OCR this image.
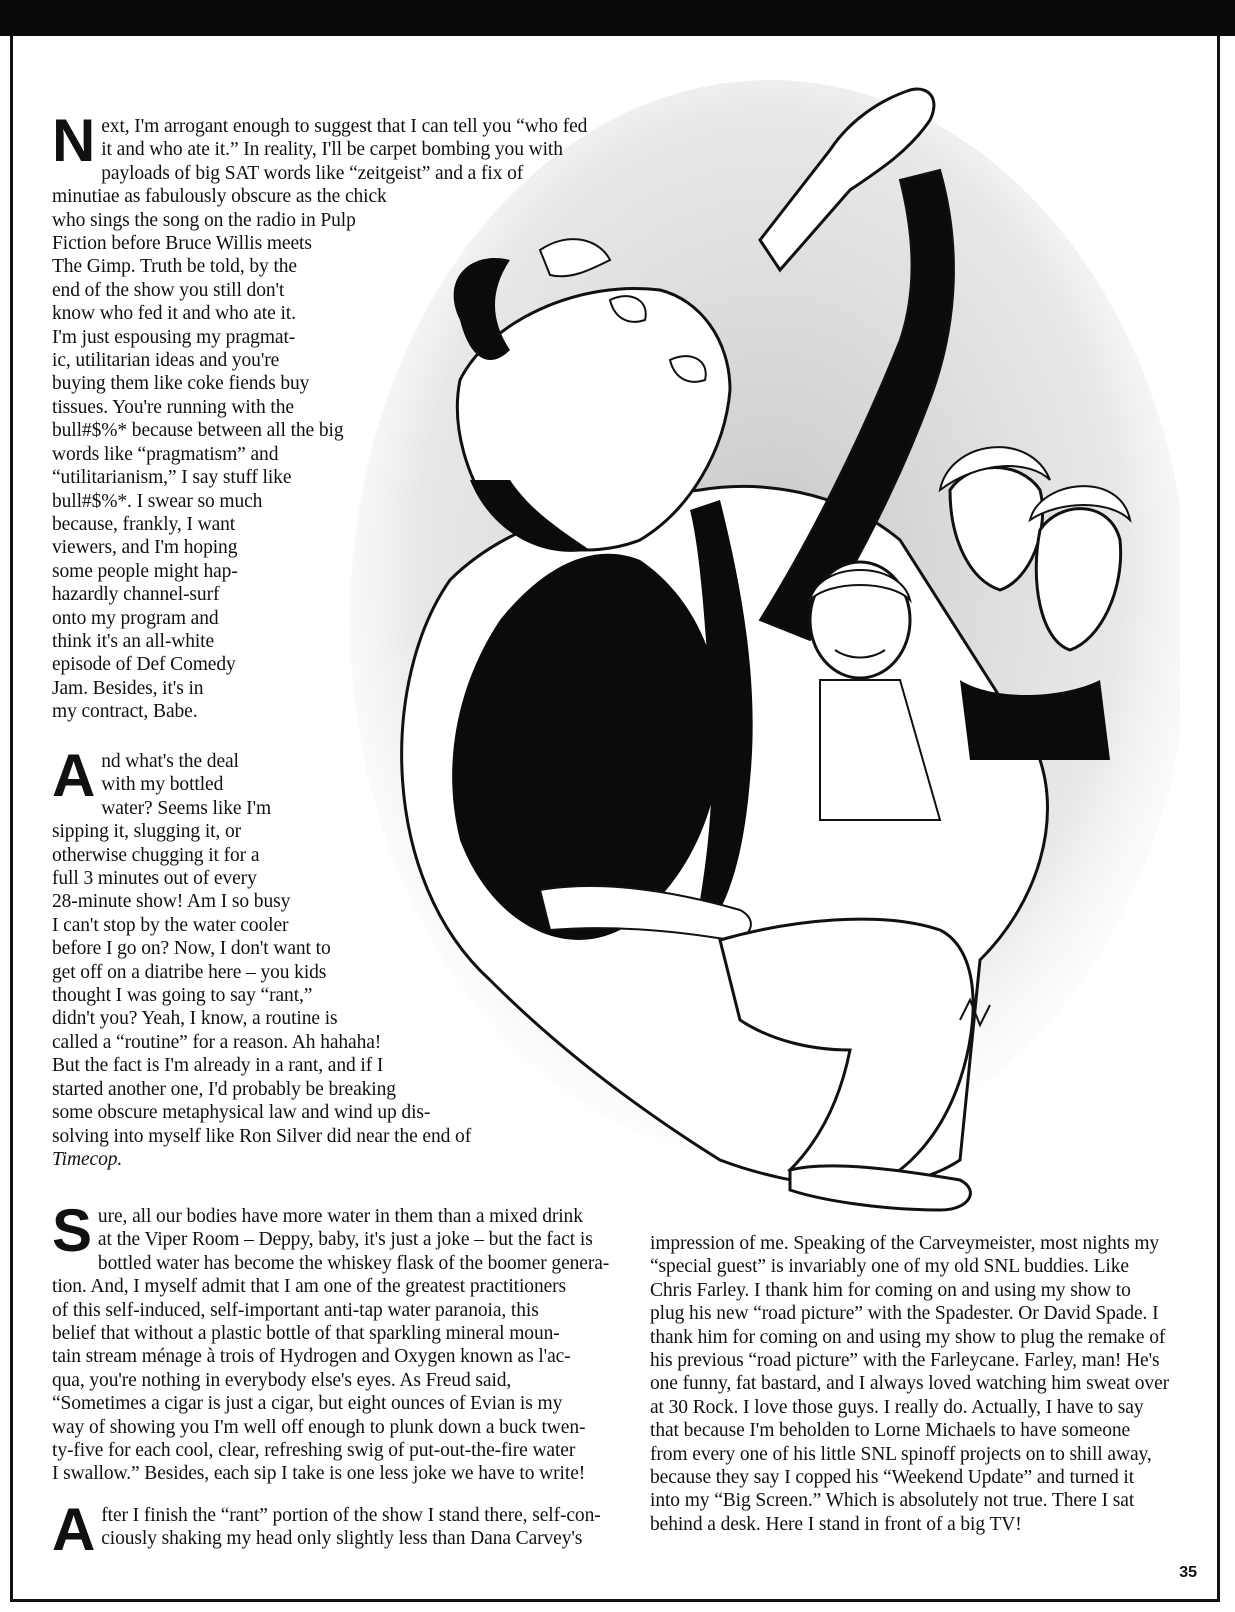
N ext, I'm arrogant enough to suggest that I can tell you “who fed
it and who ate it.” In reality, I'll be carpet bombing you with
payloads of big SAT words like “zeitgeist” and a fix of
minutiae as fabulously obscure as the chick
who sings the song on the radio in Pulp
Fiction before Bruce Willis meets
The Gimp. Truth be told, by the
end of the show you still don't
know who fed it and who ate it.
I'm just espousing my pragmat-
ic, utilitarian ideas and you're
buying them like coke fiends buy
tissues. You're running with the
bull#$%* because between all the big
words like “pragmatism” and
“utilitarianism,” I say stuff like
bull#$%*. I swear so much
because, frankly, I want
viewers, and I'm hoping
some people might hap-
hazardly channel-surf
onto my program and
think it's an all-white
episode of Def Comedy
Jam. Besides, it's in
my contract, Babe.

A nd what's the deal
with my bottled
water? Seems like I'm
sipping it, slugging it, or
otherwise chugging it for a
full 3 minutes out of every
28-minute show! Am I so busy
I can't stop by the water cooler
before I go on? Now, I don't want to
get off on a diatribe here – you kids
thought I was going to say “rant,”
didn't you? Yeah, I know, a routine is
called a “routine” for a reason. Ah hahaha!
But the fact is I'm already in a rant, and if I
started another one, I'd probably be breaking
some obscure metaphysical law and wind up dis-
solving into myself like Ron Silver did near the end of
Timecop.

S ure, all our bodies have more water in them than a mixed drink
at the Viper Room – Deppy, baby, it's just a joke – but the fact is
bottled water has become the whiskey flask of the boomer genera-
tion. And, I myself admit that I am one of the greatest practitioners
of this self-induced, self-important anti-tap water paranoia, this
belief that without a plastic bottle of that sparkling mineral moun-
tain stream ménage à trois of Hydrogen and Oxygen known as l'ac-
qua, you're nothing in everybody else's eyes. As Freud said,
“Sometimes a cigar is just a cigar, but eight ounces of Evian is my
way of showing you I'm well off enough to plunk down a buck twen-
ty-five for each cool, clear, refreshing swig of put-out-the-fire water
I swallow.” Besides, each sip I take is one less joke we have to write!

A fter I finish the “rant” portion of the show I stand there, self-con-
ciously shaking my head only slightly less than Dana Carvey's

impression of me. Speaking of the Carveymeister, most nights my
“special guest” is invariably one of my old SNL buddies. Like
Chris Farley. I thank him for coming on and using my show to
plug his new “road picture” with the Spadester. Or David Spade. I
thank him for coming on and using my show to plug the remake of
his previous “road picture” with the Farleycane. Farley, man! He's
one funny, fat bastard, and I always loved watching him sweat over
at 30 Rock. I love those guys. I really do. Actually, I have to say
that because I'm beholden to Lorne Michaels to have someone
from every one of his little SNL spinoff projects on to shill away,
because they say I copped his “Weekend Update” and turned it
into my “Big Screen.” Which is absolutely not true. There I sat
behind a desk. Here I stand in front of a big TV!

35
